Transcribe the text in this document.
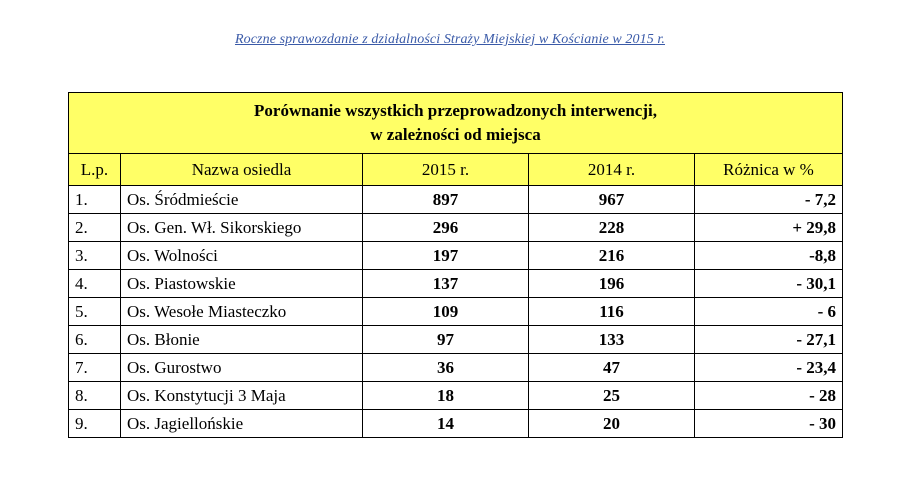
Roczne sprawozdanie z działalności Straży Miejskiej w Kościanie w 2015 r.
Porównanie wszystkich przeprowadzonych interwencji,
w zależności od miejsca				

L.p.	Nazwa osiedla	2015 r.	2014 r.	Różnica w %
1.	Os. Śródmieście	897	967	- 7,2
2.	Os. Gen. Wł. Sikorskiego	296	228	+ 29,8
3.	Os. Wolności	197	216	-8,8
4.	Os. Piastowskie	137	196	- 30,1
5.	Os. Wesołe Miasteczko	109	116	- 6
6.	Os. Błonie	97	133	- 27,1
7.	Os. Gurostwo	36	47	- 23,4
8.	Os. Konstytucji 3 Maja	18	25	- 28
9.	Os. Jagiellońskie	14	20	- 30
